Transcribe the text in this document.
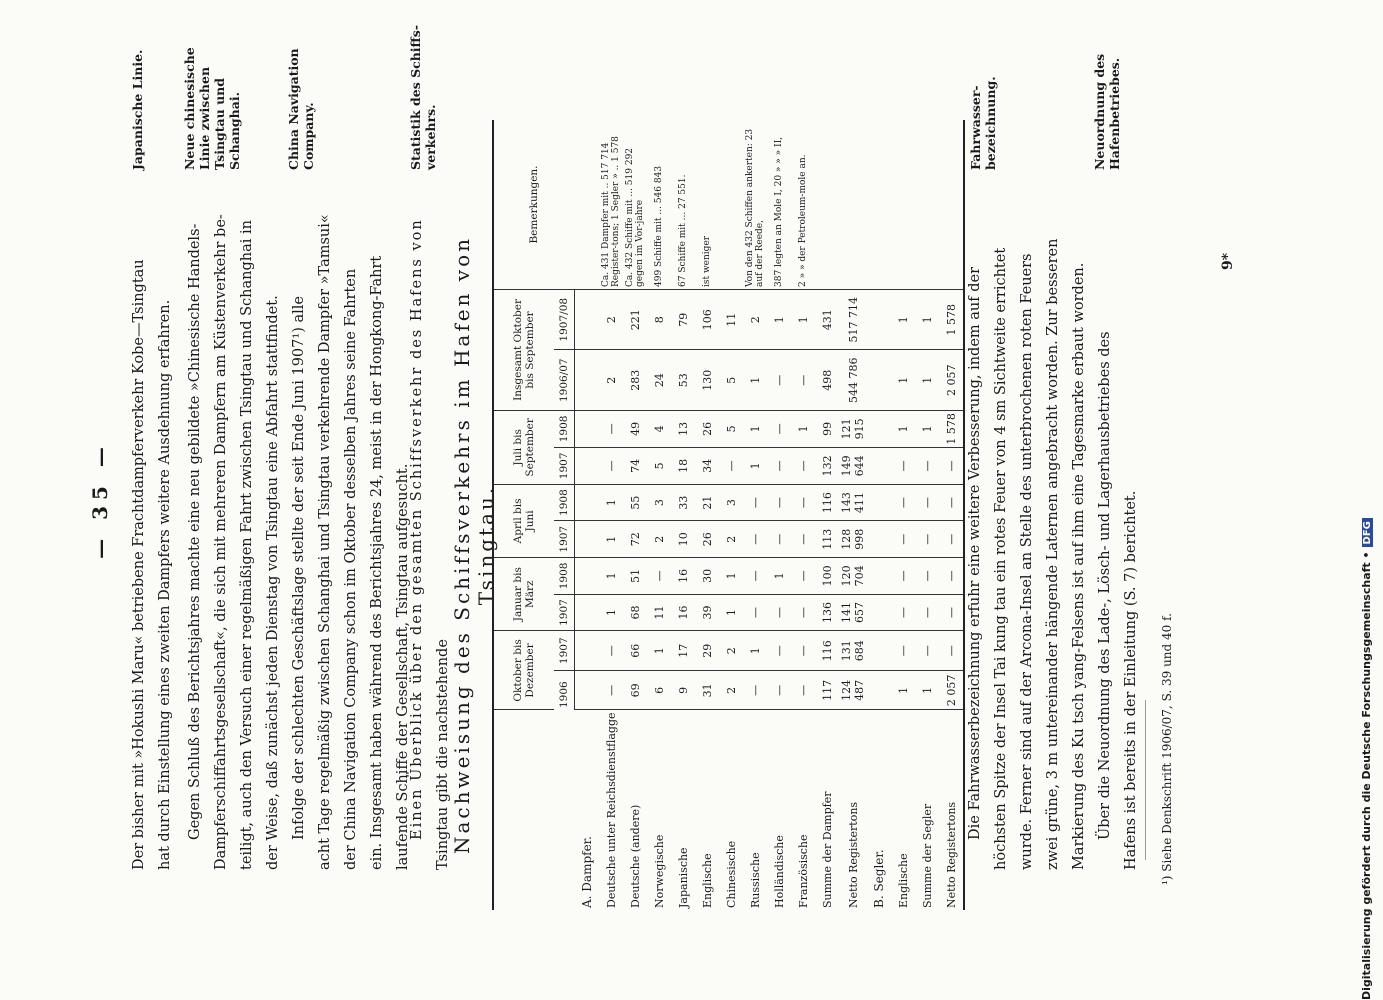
— 35 —	Der bisher mit »Hokushi Maru« betriebene Frachtdampferverkehr Kobe—Tsingtau hat durch Einstellung eines zweiten Dampfers weitere Ausdehnung erfahren. Gegen Schluß des Berichtsjahres machte eine neu gebildete »Chinesische Handels- Dampferschiffahrtsgesellschaft«, die sich mit mehreren Dampfern am Küstenverkehr be- teiligt, auch den Versuch einer regelmäßigen Fahrt zwischen Tsingtau und Schanghai in der Weise, daß zunächst jeden Dienstag von Tsingtau eine Abfahrt stattfindet. Infolge der schlechten Geschäftslage stellte der seit Ende Juni 1907¹) alle acht Tage regelmäßig zwischen Schanghai und Tsingtau verkehrende Dampfer »Tamsui« der China Navigation Company schon im Oktober desselben Jahres seine Fahrten ein. Insgesamt haben während des Berichtsjahres 24, meist in der Hongkong-Fahrt laufende Schiffe der Gesellschaft, Tsingtau aufgesucht.
Einen Überblick über den gesamten Schiffsverkehr des Hafens von Tsingtau gibt die nachstehende
Japanische Linie.	Neue chinesische Linie zwischen Tsingtau und Schanghai.	China Navigation Company.	Statistik des Schiffs-verkehrs.	Fahrwasser-bezeichnung.	Neuordnung des Hafenbetriebes.
Nachweisung des Schiffsverkehrs im Hafen von Tsingtau.
	Oktober bis Dezember		Januar bis März		April bis Juni		Juli bis September		Insgesamt Oktober bis September		Bemerkungen.
	1906	1907	1907	1908	1907	1908	1907	1908	1906/07	1907/08	
A. Dampfer.											
Deutsche unter Reichsdienstflagge	—	—	1	1	1	1	—	—	2	2	Ca. 431 Dampfer mit .. 517 714 Register-tons; 1 Segler » .. 1 578
Deutsche (andere)	69	66	68	51	72	55	74	49	283	221	Ca. 432 Schiffe mit ... 519 292 gegen im Vor-jahre
Norwegische	6	1	11	—	2	3	5	4	24	8	499 Schiffe mit ... 546 843
Japanische	9	17	16	16	10	33	18	13	53	79	67 Schiffe mit ... 27 551.
Englische	31	29	39	30	26	21	34	26	130	106	ist weniger
Chinesische	2	2	1	1	2	3	—	5	5	11	
Russische	—	1	—	—	—	—	1	1	1	2	Von den 432 Schiffen ankerten: 23 auf der Reede,
Holländische	—	—	—	1	—	—	—	—	—	1	387 legten an Mole I, 20 » » » II,
Französische	—	—	—	—	—	—	—	1	—	1	2 » » der Petroleum-mole an.
Summe der Dampfer	117	116	136	100	113	116	132	99	498	431	
Netto Registertons	124 487	131 684	141 657	120 704	128 998	143 411	149 644	121 915	544 786	517 714	
B. Segler.											
Englische	1	—	—	—	—	—	—	1	1	1	
Summe der Segler	1	—	—	—	—	—	—	1	1	1	
Netto Registertons	2 057	—	—	—	—	—	—	1 578	2 057	1 578	Die Fahrwasserbezeichnung erfuhr eine weitere Verbesserung, indem auf der höchsten Spitze der Insel Tai kung tau ein rotes Feuer von 4 sm Sichtweite errichtet wurde. Ferner sind auf der Arcona-Insel an Stelle des unterbrochenen roten Feuers zwei grüne, 3 m untereinander hängende Laternen angebracht worden. Zur besseren Markierung des Ku tsch yang-Felsens ist auf ihm eine Tagesmarke erbaut worden. Über die Neuordnung des Lade-, Lösch- und Lagerhausbetriebes des Hafens ist bereits in der Einleitung (S. 7) berichtet.	¹) Siehe Denkschrift 1906/07, S. 39 und 40 f.
9*
Digitalisierung gefördert durch die Deutsche Forschungsgemeinschaft •DFG
